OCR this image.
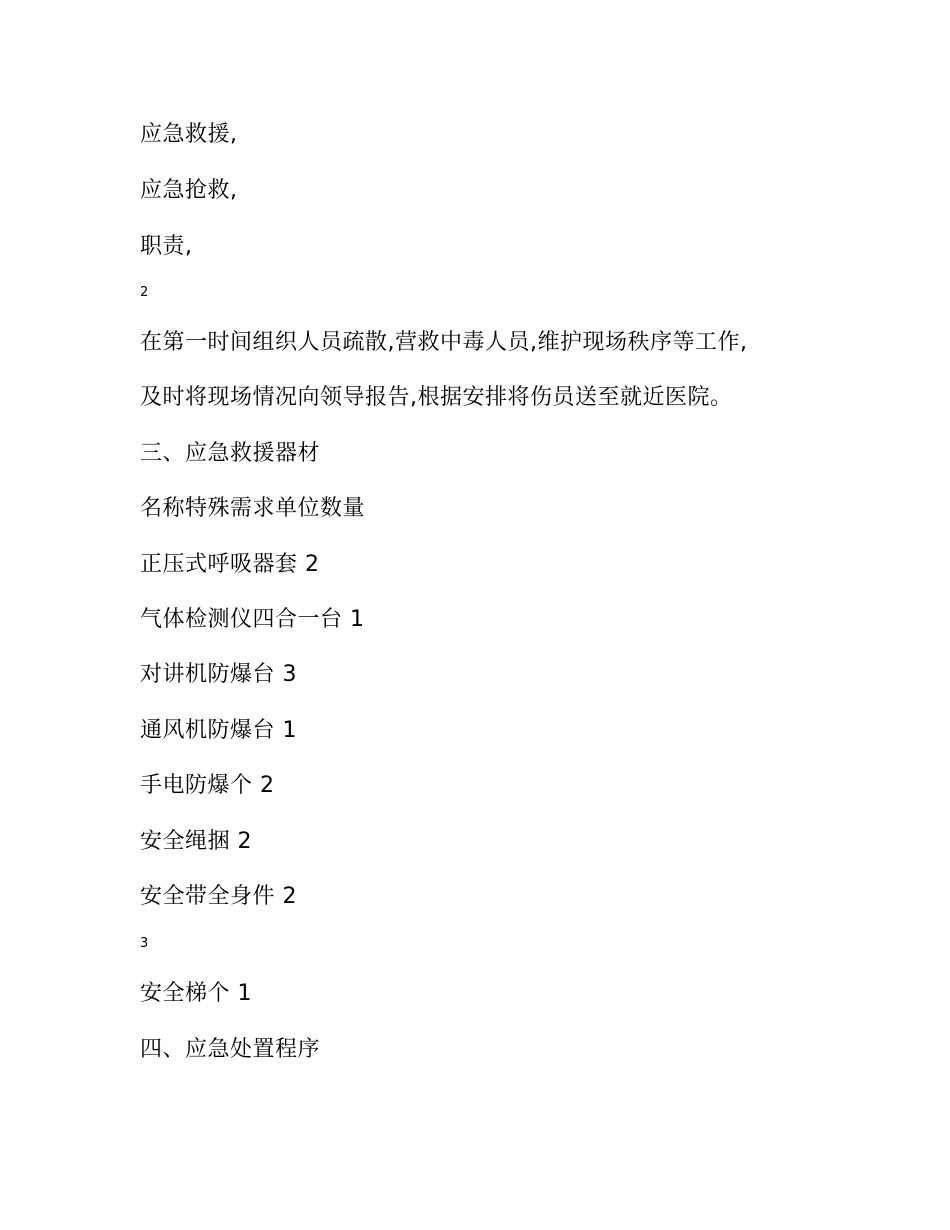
应急救援,
应急抢救,
职责,
2
在第一时间组织人员疏散,营救中毒人员,维护现场秩序等工作,
及时将现场情况向领导报告,根据安排将伤员送至就近医院。
三、应急救援器材
名称特殊需求单位数量
正压式呼吸器套 2
气体检测仪四合一台 1
对讲机防爆台 3
通风机防爆台 1
手电防爆个 2
安全绳捆 2
安全带全身件 2
3
安全梯个 1
四、应急处置程序
